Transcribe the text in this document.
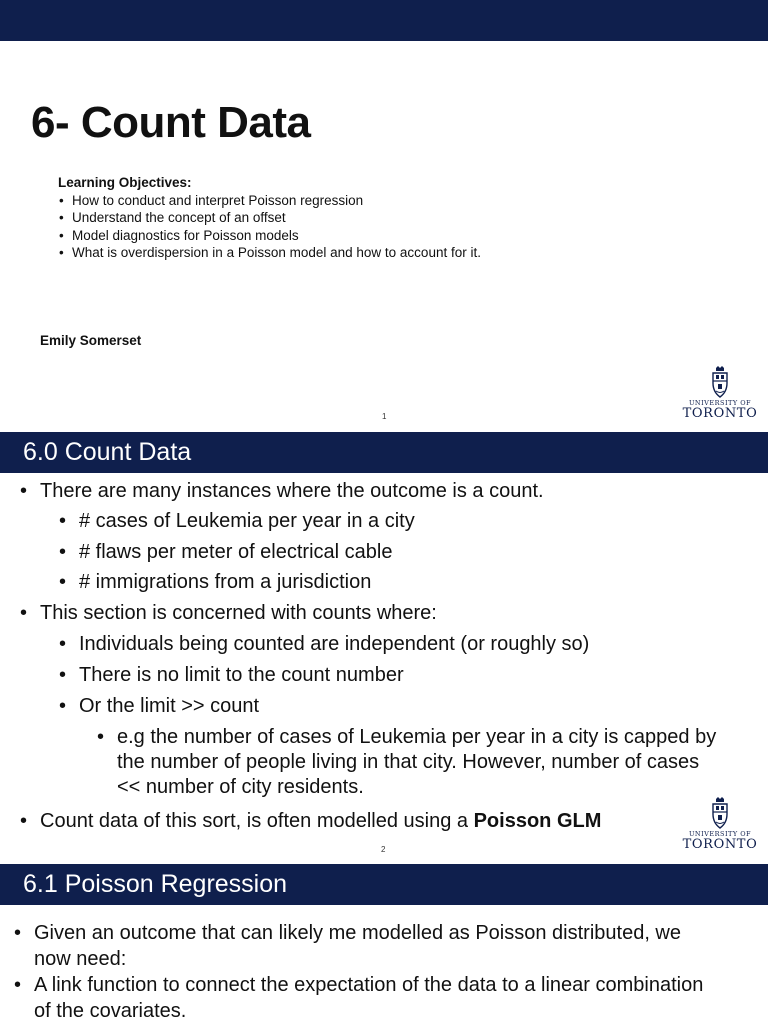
6- Count Data
Learning Objectives:
• How to conduct and interpret Poisson regression
• Understand the concept of an offset
• Model diagnostics for Poisson models
• What is overdispersion in a Poisson model and how to account for it.
Emily Somerset
1
UNIVERSITY OF
TORONTO
6.0 Count Data
• There are many instances where the outcome is a count.
• # cases of Leukemia per year in a city
• # flaws per meter of electrical cable
• # immigrations from a jurisdiction
• This section is concerned with counts where:
• Individuals being counted are independent (or roughly so)
• There is no limit to the count number
• Or the limit >> count
• e.g the number of cases of Leukemia per year in a city is capped by the number of people living in that city. However, number of cases << number of city residents.
• Count data of this sort, is often modelled using a Poisson GLM
2
UNIVERSITY OF
TORONTO
6.1 Poisson Regression
• Given an outcome that can likely me modelled as Poisson distributed, we now need:
• A link function to connect the expectation of the data to a linear combination of the covariates.
